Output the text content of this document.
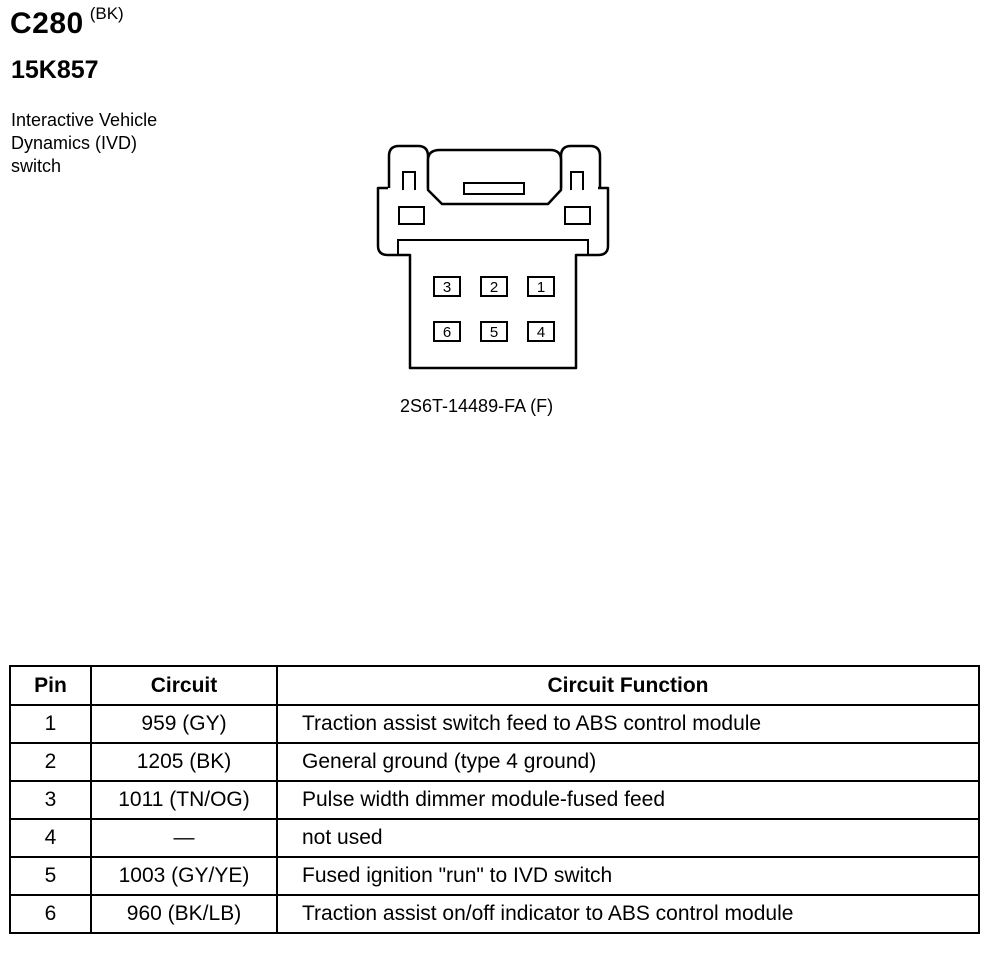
C280 (BK)
15K857
Interactive Vehicle
Dynamics (IVD)
switch
3	2	1
6	5	4
2S6T-14489-FA (F)
Pin	Circuit	Circuit Function
1	959 (GY)	Traction assist switch feed to ABS control module
2	1205 (BK)	General ground (type 4 ground)
3	1011 (TN/OG)	Pulse width dimmer module-fused feed
4	—	not used
5	1003 (GY/YE)	Fused ignition "run" to IVD switch
6	960 (BK/LB)	Traction assist on/off indicator to ABS control module
